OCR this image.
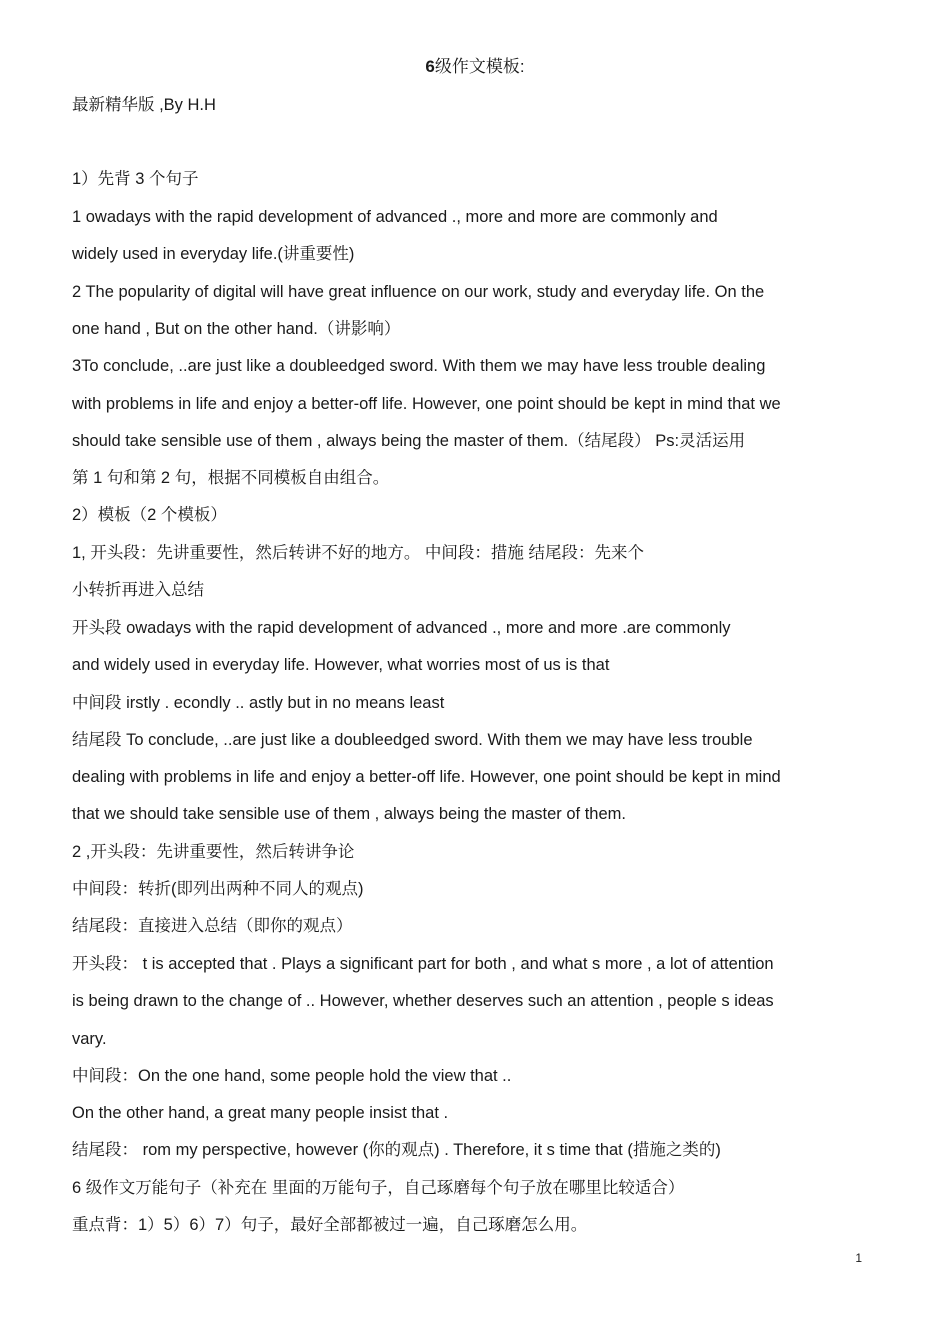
6级作文模板:
最新精华版 ,By H.H
1）先背 3 个句子
1 owadays with the rapid development of advanced ., more and more are commonly and
widely used in everyday life.(讲重要性)
2 The popularity of digital will have great influence on our work, study and everyday life. On the
one hand , But on the other hand.（讲影响）
3To conclude, ..are just like a doubleedged sword. With them we may have less trouble dealing
with problems in life and enjoy a better-off life. However, one point should be kept in mind that we
should take sensible use of them , always being the master of them.（结尾段） Ps:灵活运用
第 1 句和第 2 句，根据不同模板自由组合。
2）模板（2 个模板）
1, 开头段：先讲重要性，然后转讲不好的地方。 中间段：措施 结尾段：先来个
小转折再进入总结
开头段 owadays with the rapid development of advanced ., more and more .are commonly
and widely used in everyday life. However, what worries most of us is that
中间段 irstly . econdly .. astly but in no means least
结尾段 To conclude, ..are just like a doubleedged sword. With them we may have less trouble
dealing with problems in life and enjoy a better-off life. However, one point should be kept in mind
that we should take sensible use of them , always being the master of them.
2 ,开头段：先讲重要性，然后转讲争论
中间段：转折(即列出两种不同人的观点)
结尾段：直接进入总结（即你的观点）
开头段： t is accepted that . Plays a significant part for both , and what s more , a lot of attention
is being drawn to the change of .. However, whether deserves such an attention , people s ideas
vary.
中间段：On the one hand, some people hold the view that ..
On the other hand, a great many people insist that .
结尾段： rom my perspective, however (你的观点) . Therefore, it s time that (措施之类的)
6 级作文万能句子（补充在 里面的万能句子，自己琢磨每个句子放在哪里比较适合）
重点背：1）5）6）7）句子，最好全部都被过一遍，自己琢磨怎么用。
1
